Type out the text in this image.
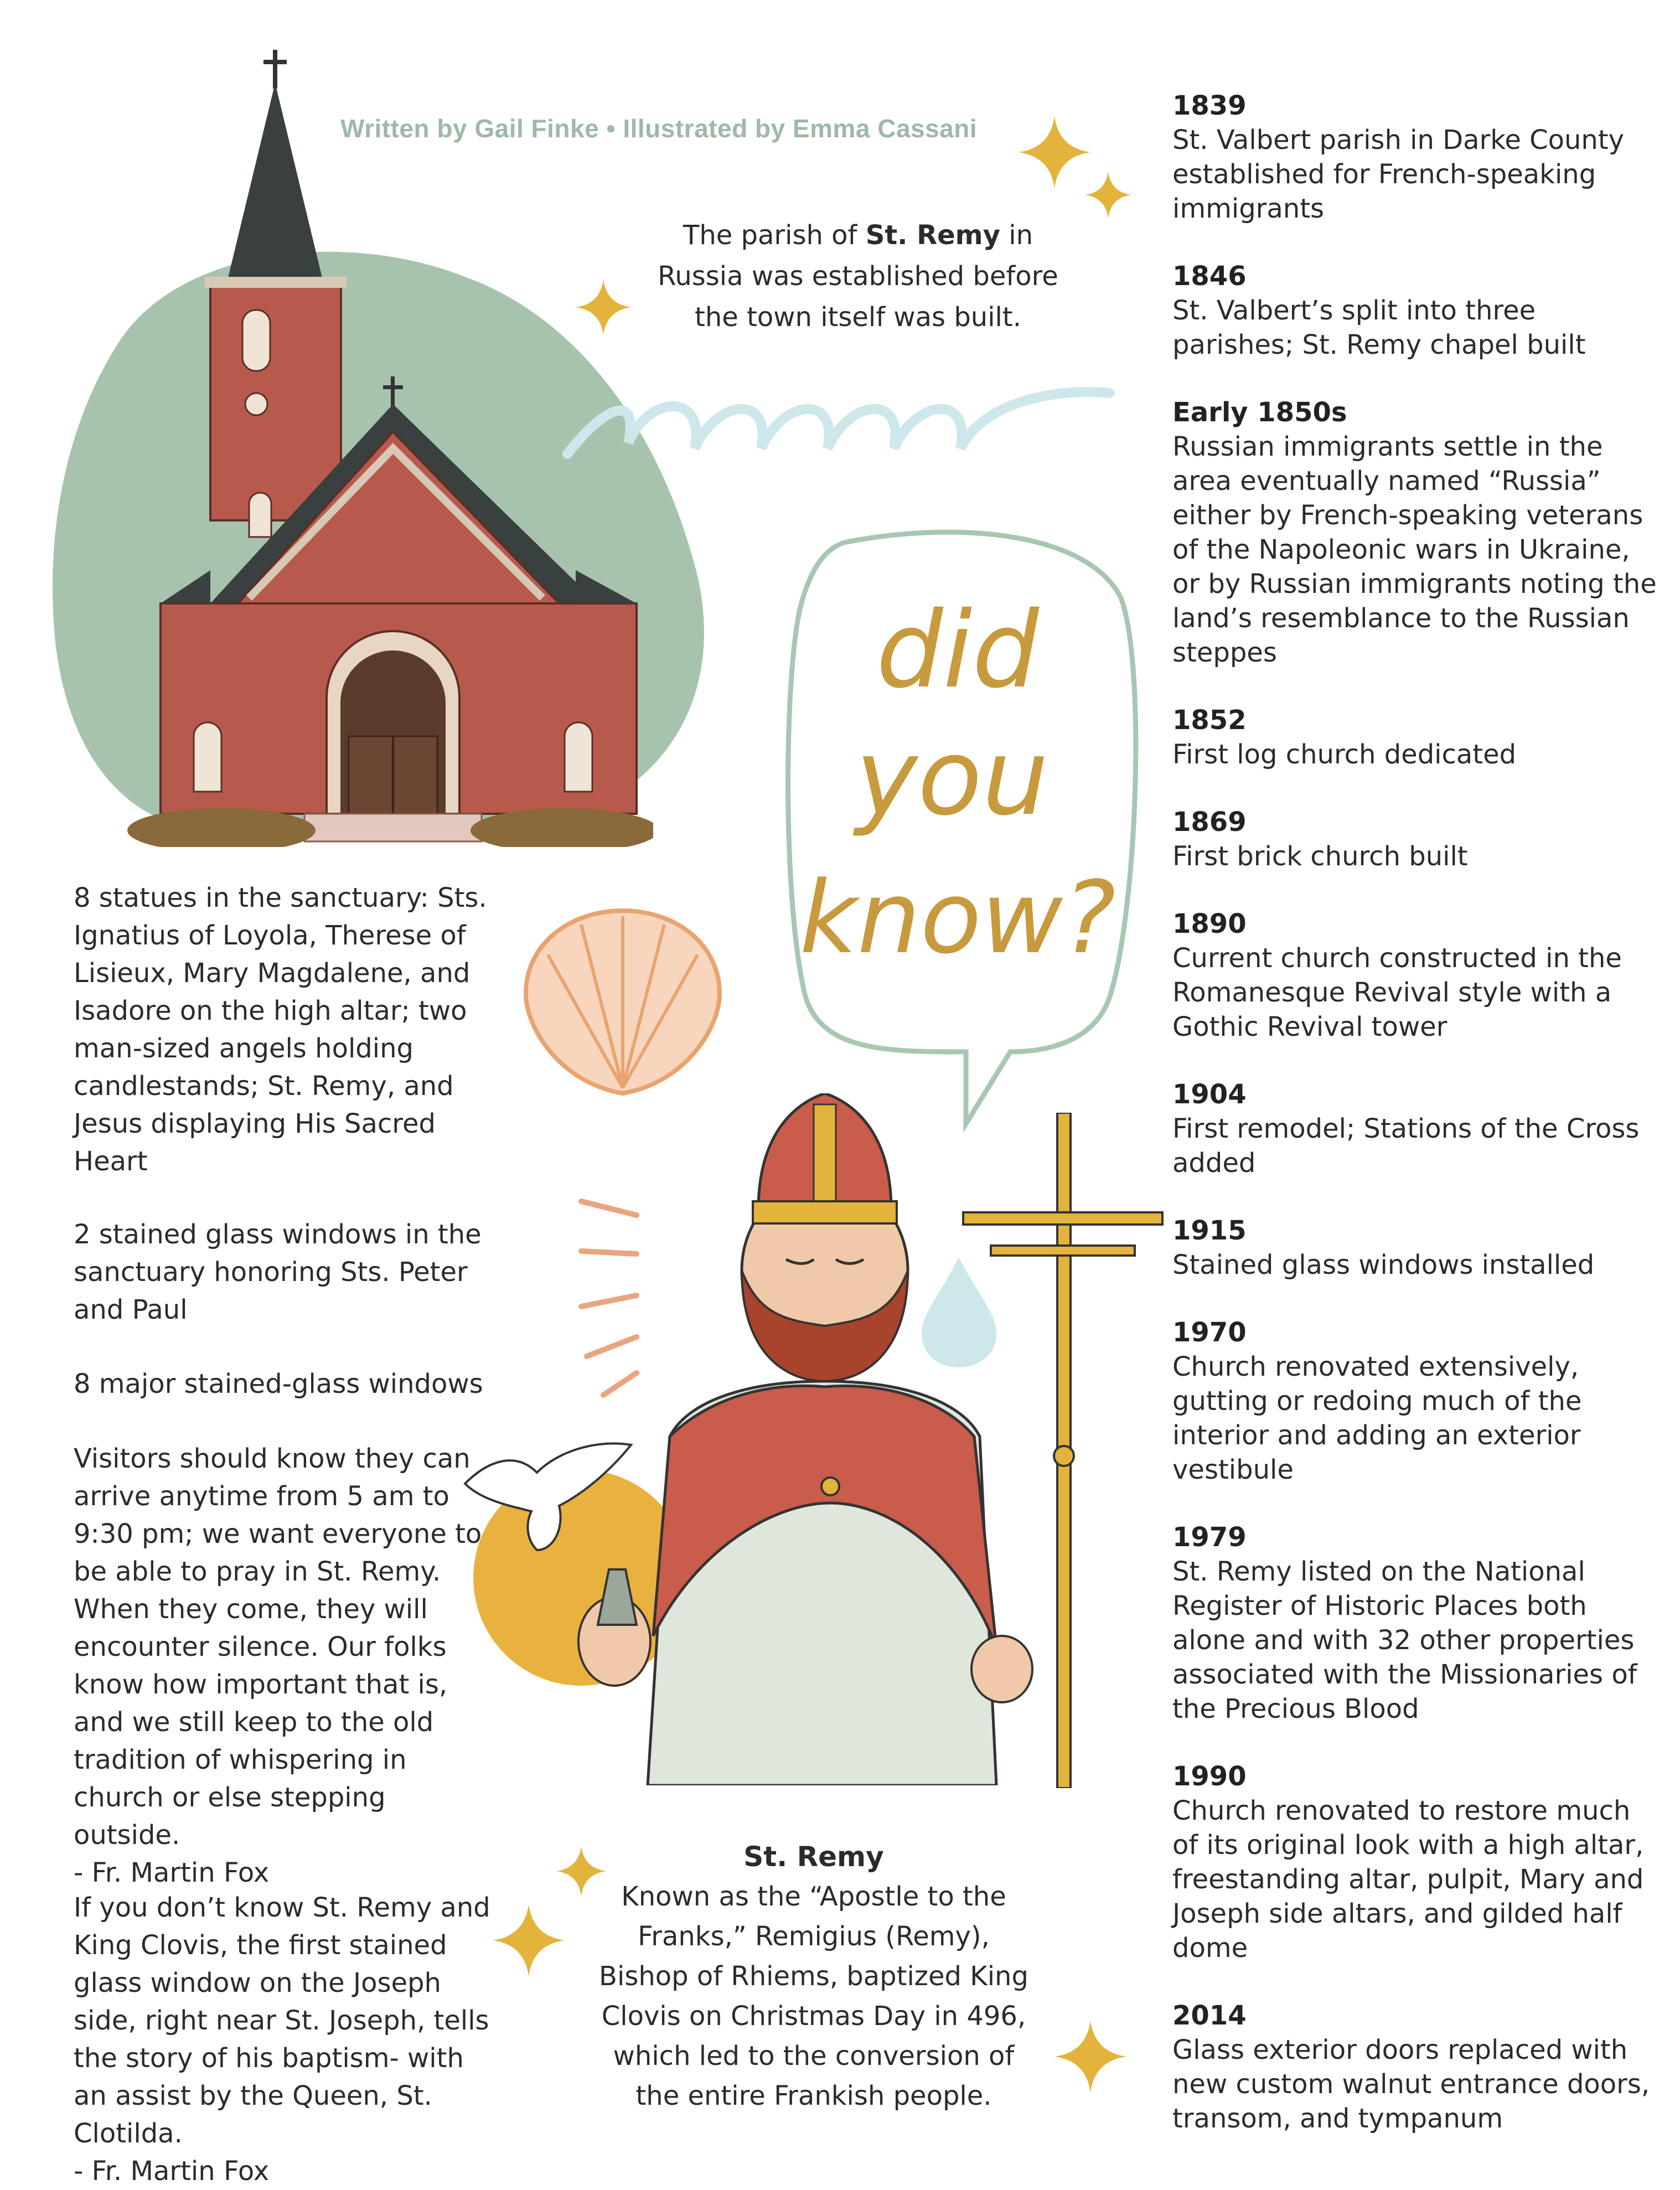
Written by Gail Finke • Illustrated by Emma Cassani
The parish of St. Remy in Russia was established before the town itself was built.
did
you
know?

8 statues in the sanctuary: Sts. Ignatius of Loyola, Therese of Lisieux, Mary Magdalene, and Isadore on the high altar; two man-sized angels holding candlestands; St. Remy, and Jesus displaying His Sacred Heart

2 stained glass windows in the sanctuary honoring Sts. Peter and Paul

8 major stained-glass windows

Visitors should know they can arrive anytime from 5 am to 9:30 pm; we want everyone to be able to pray in St. Remy. When they come, they will encounter silence. Our folks know how important that is, and we still keep to the old tradition of whispering in church or else stepping outside.
- Fr. Martin Fox
If you don’t know St. Remy and King Clovis, the first stained glass window on the Joseph side, right near St. Joseph, tells the story of his baptism- with an assist by the Queen, St. Clotilda.
- Fr. Martin Fox
St. Remy
Known as the “Apostle to the Franks,” Remigius (Remy), Bishop of Rhiems, baptized King Clovis on Christmas Day in 496, which led to the conversion of the entire Frankish people.
1839
St. Valbert parish in Darke County established for French-speaking immigrants
1846
St. Valbert’s split into three parishes; St. Remy chapel built
Early 1850s
Russian immigrants settle in the area eventually named “Russia” either by French-speaking veterans of the Napoleonic wars in Ukraine, or by Russian immigrants noting the land’s resemblance to the Russian steppes
1852
First log church dedicated
1869
First brick church built
1890
Current church constructed in the Romanesque Revival style with a Gothic Revival tower
1904
First remodel; Stations of the Cross added
1915
Stained glass windows installed
1970
Church renovated extensively, gutting or redoing much of the interior and adding an exterior vestibule
1979
St. Remy listed on the National Register of Historic Places both alone and with 32 other properties associated with the Missionaries of the Precious Blood
1990
Church renovated to restore much of its original look with a high altar, freestanding altar, pulpit, Mary and Joseph side altars, and gilded half dome
2014
Glass exterior doors replaced with new custom walnut entrance doors, transom, and tympanum
